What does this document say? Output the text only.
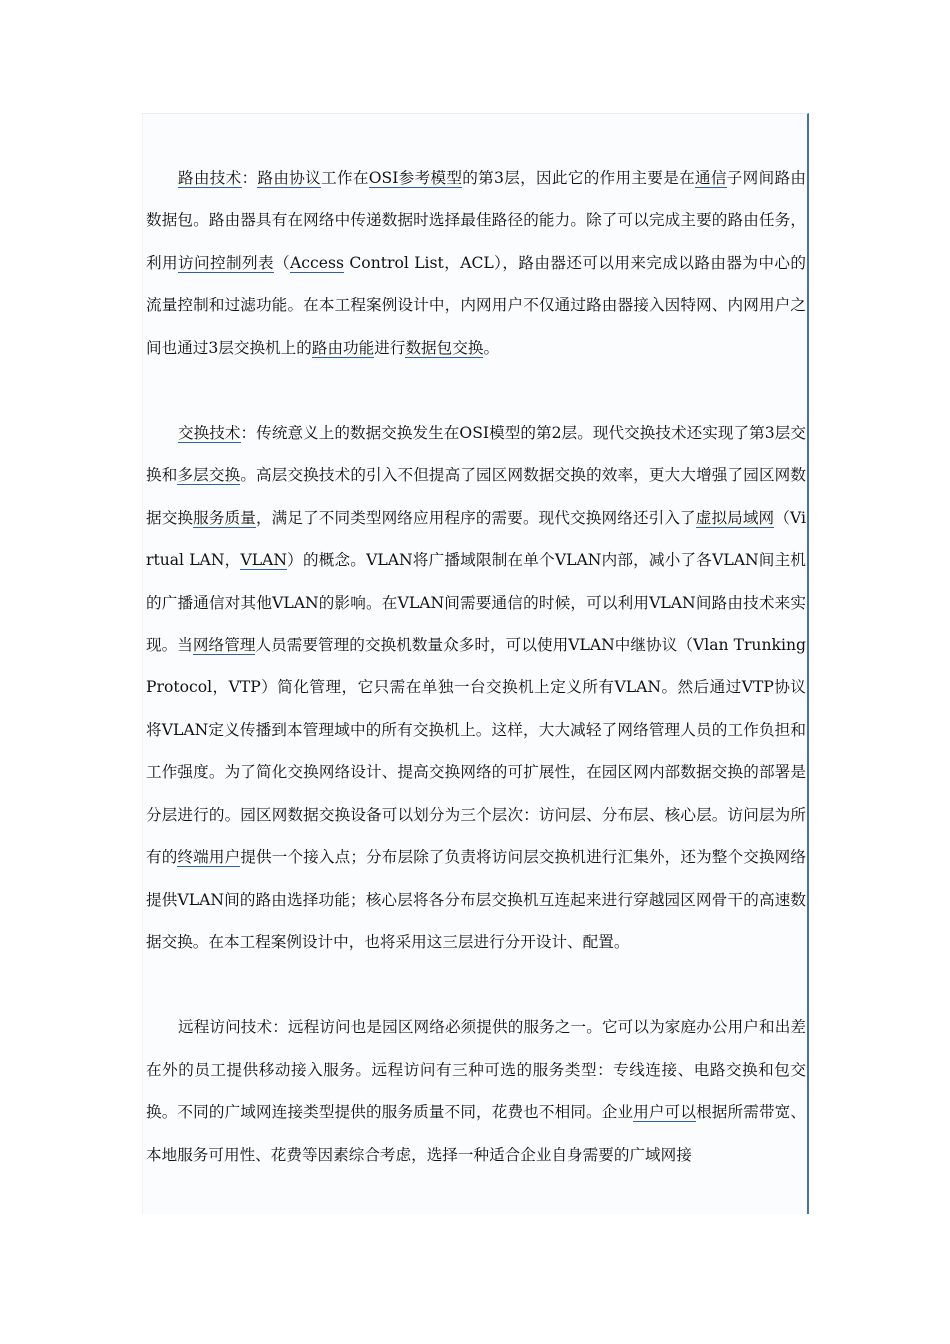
路由技术：路由协议工作在OSI参考模型的第3层，因此它的作用主要是在通信子网间路由数据包。路由器具有在网络中传递数据时选择最佳路径的能力。除了可以完成主要的路由任务，利用访问控制列表（Access Control List，ACL），路由器还可以用来完成以路由器为中心的流量控制和过滤功能。在本工程案例设计中，内网用户不仅通过路由器接入因特网、内网用户之间也通过3层交换机上的路由功能进行数据包交换。

交换技术：传统意义上的数据交换发生在OSI模型的第2层。现代交换技术还实现了第3层交换和多层交换。高层交换技术的引入不但提高了园区网数据交换的效率，更大大增强了园区网数据交换服务质量，满足了不同类型网络应用程序的需要。现代交换网络还引入了虚拟局域网（Virtual LAN，VLAN）的概念。VLAN将广播域限制在单个VLAN内部，减小了各VLAN间主机的广播通信对其他VLAN的影响。在VLAN间需要通信的时候，可以利用VLAN间路由技术来实现。当网络管理人员需要管理的交换机数量众多时，可以使用VLAN中继协议（Vlan Trunking Protocol，VTP）简化管理，它只需在单独一台交换机上定义所有VLAN。然后通过VTP协议将VLAN定义传播到本管理域中的所有交换机上。这样，大大减轻了网络管理人员的工作负担和工作强度。为了简化交换网络设计、提高交换网络的可扩展性，在园区网内部数据交换的部署是分层进行的。园区网数据交换设备可以划分为三个层次：访问层、分布层、核心层。访问层为所有的终端用户提供一个接入点；分布层除了负责将访问层交换机进行汇集外，还为整个交换网络提供VLAN间的路由选择功能；核心层将各分布层交换机互连起来进行穿越园区网骨干的高速数据交换。在本工程案例设计中，也将采用这三层进行分开设计、配置。

远程访问技术：远程访问也是园区网络必须提供的服务之一。它可以为家庭办公用户和出差在外的员工提供移动接入服务。远程访问有三种可选的服务类型：专线连接、电路交换和包交换。不同的广域网连接类型提供的服务质量不同，花费也不相同。企业用户可以根据所需带宽、本地服务可用性、花费等因素综合考虑，选择一种适合企业自身需要的广域网接
